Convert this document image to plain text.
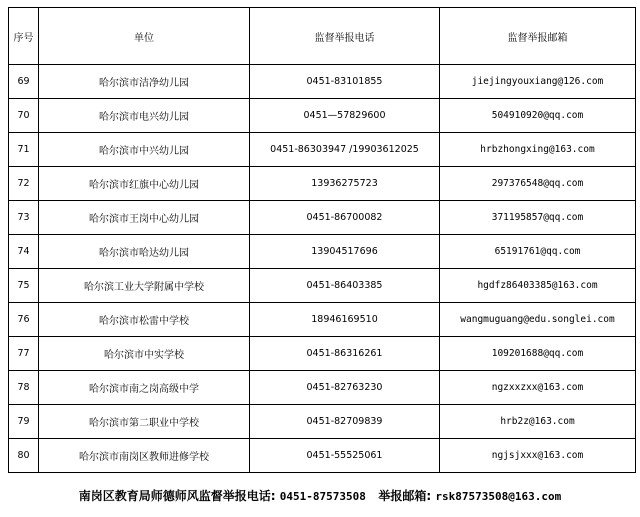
序号	单位	监督举报电话	监督举报邮箱
69	哈尔滨市洁净幼儿园	0451-83101855	jiejingyouxiang@126.com
70	哈尔滨市电兴幼儿园	0451—57829600	504910920@qq.com
71	哈尔滨市中兴幼儿园	0451-86303947 /19903612025	hrbzhongxing@163.com
72	哈尔滨市红旗中心幼儿园	13936275723	297376548@qq.com
73	哈尔滨市王岗中心幼儿园	0451-86700082	371195857@qq.com
74	哈尔滨市哈达幼儿园	13904517696	65191761@qq.com
75	哈尔滨工业大学附属中学校	0451-86403385	hgdfz86403385@163.com
76	哈尔滨市松雷中学校	18946169510	wangmuguang@edu.songlei.com
77	哈尔滨市中实学校	0451-86316261	109201688@qq.com
78	哈尔滨市南之岗高级中学	0451-82763230	ngzxxzxx@163.com
79	哈尔滨市第二职业中学校	0451-82709839	hrb2z@163.com
80	哈尔滨市南岗区教师进修学校	0451-55525061	ngjsjxxx@163.com
南岗区教育局师德师风监督举报电话: 0451-87573508 举报邮箱: rsk87573508@163.com
